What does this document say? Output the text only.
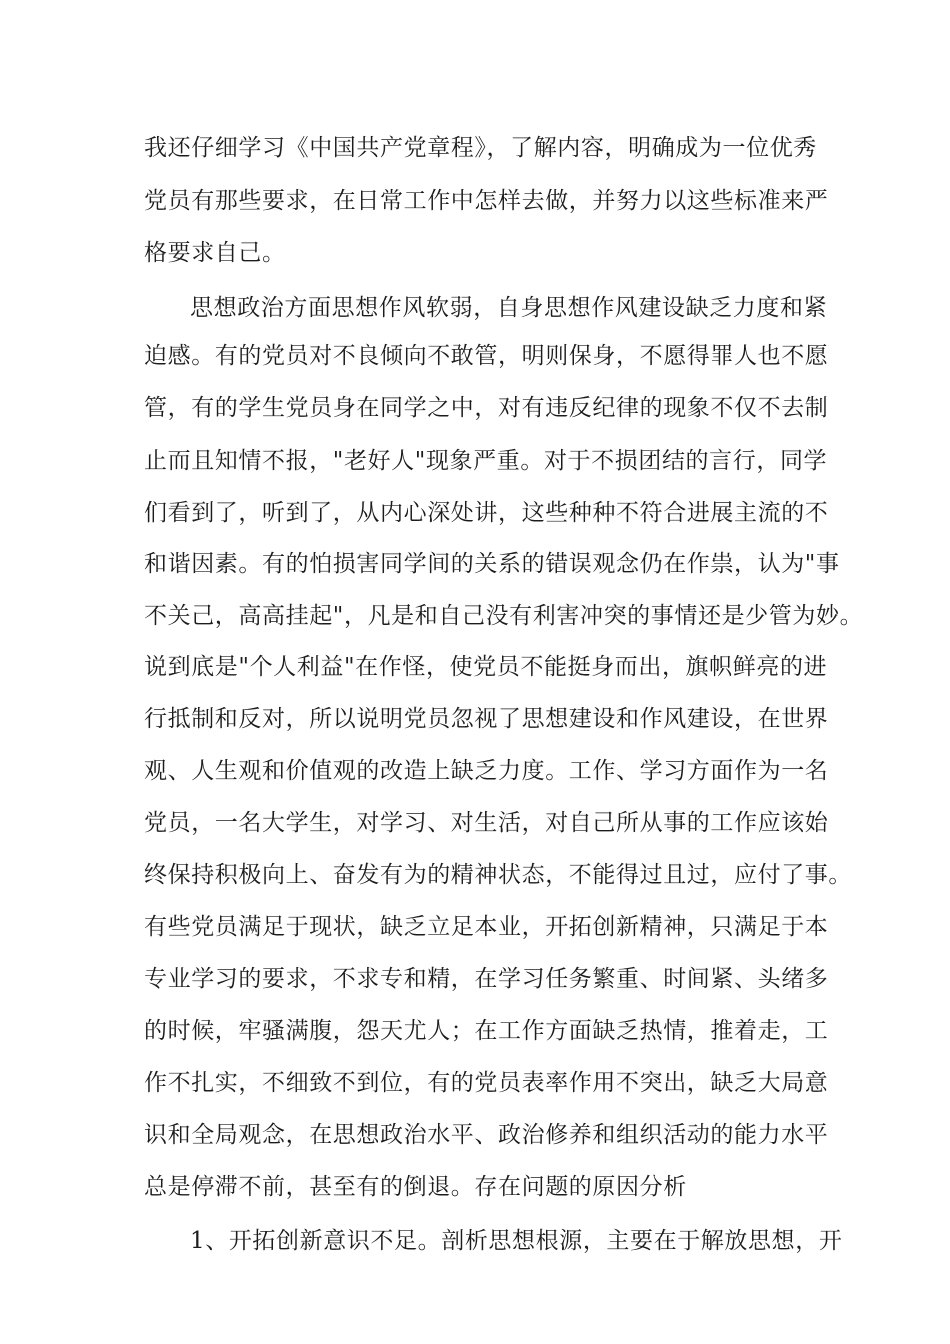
我还仔细学习《中国共产党章程》，了解内容，明确成为一位优秀
党员有那些要求，在日常工作中怎样去做，并努力以这些标准来严
格要求自己。
思想政治方面思想作风软弱，自身思想作风建设缺乏力度和紧
迫感。有的党员对不良倾向不敢管，明则保身，不愿得罪人也不愿
管，有的学生党员身在同学之中，对有违反纪律的现象不仅不去制
止而且知情不报，"老好人"现象严重。对于不损团结的言行，同学
们看到了，听到了，从内心深处讲，这些种种不符合进展主流的不
和谐因素。有的怕损害同学间的关系的错误观念仍在作祟，认为"事
不关己，高高挂起"，凡是和自己没有利害冲突的事情还是少管为妙。
说到底是"个人利益"在作怪，使党员不能挺身而出，旗帜鲜亮的进
行抵制和反对，所以说明党员忽视了思想建设和作风建设，在世界
观、人生观和价值观的改造上缺乏力度。工作、学习方面作为一名
党员，一名大学生，对学习、对生活，对自己所从事的工作应该始
终保持积极向上、奋发有为的精神状态，不能得过且过，应付了事。
有些党员满足于现状，缺乏立足本业，开拓创新精神，只满足于本
专业学习的要求，不求专和精，在学习任务繁重、时间紧、头绪多
的时候，牢骚满腹，怨天尤人；在工作方面缺乏热情，推着走，工
作不扎实，不细致不到位，有的党员表率作用不突出，缺乏大局意
识和全局观念，在思想政治水平、政治修养和组织活动的能力水平
总是停滞不前，甚至有的倒退。存在问题的原因分析
1、开拓创新意识不足。剖析思想根源，主要在于解放思想，开
